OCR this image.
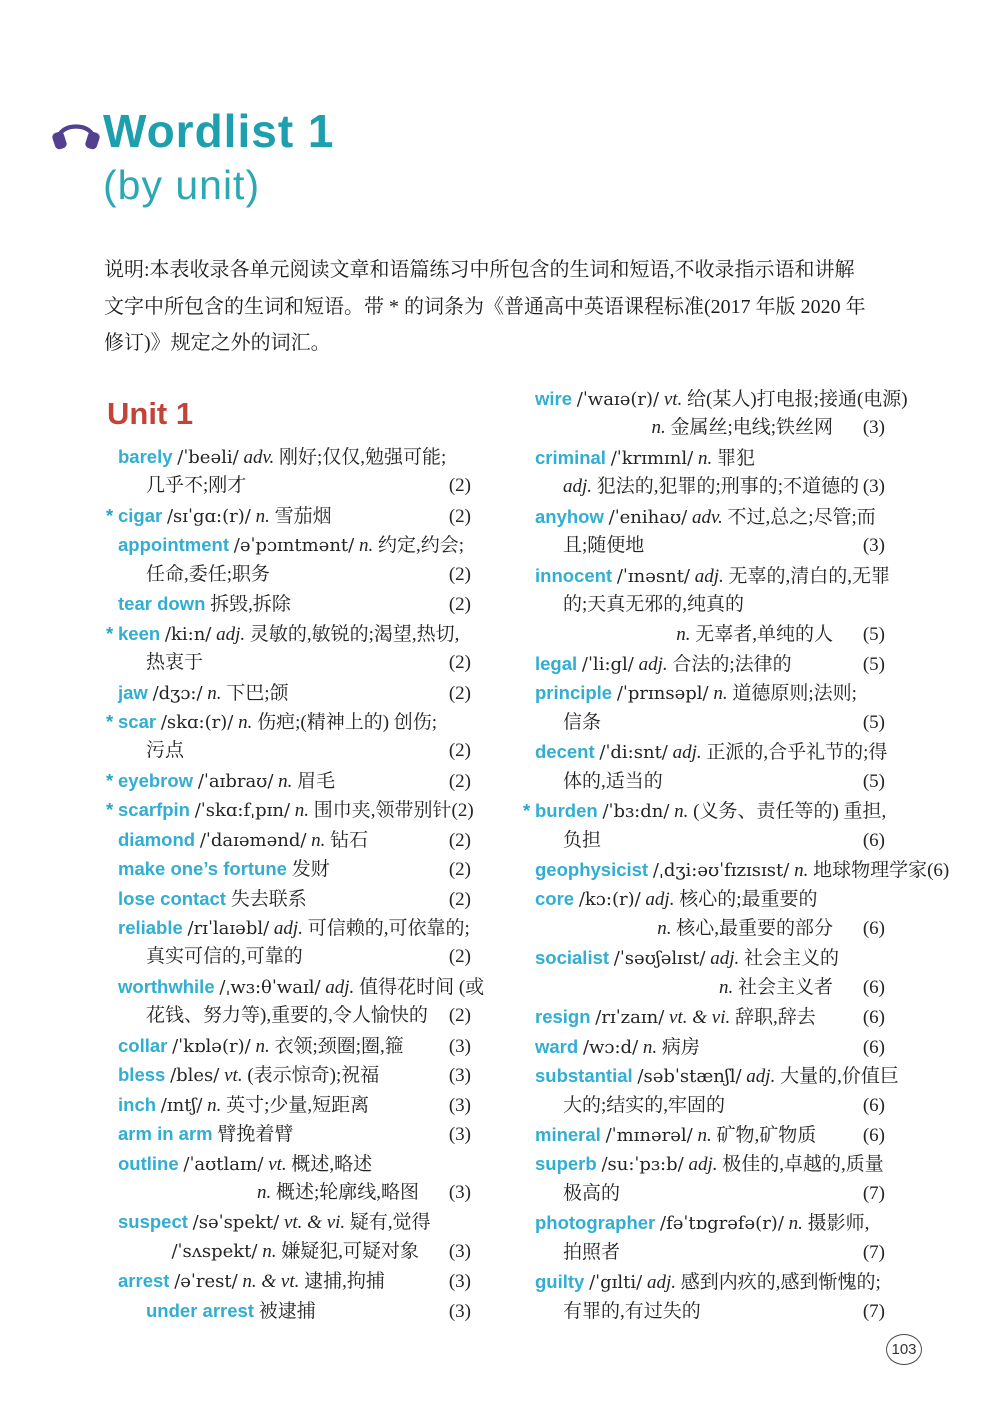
Wordlist 1
(by unit)
说明:本表收录各单元阅读文章和语篇练习中所包含的生词和短语,不收录指示语和讲解
文字中所包含的生词和短语。带 * 的词条为《普通高中英语课程标准(2017 年版 2020 年
修订)》规定之外的词汇。
Unit 1
barely /ˈbeəli/ adv. 刚好;仅仅,勉强可能;
几乎不;刚才	(2)
* cigar /sɪˈgɑ:(r)/ n. 雪茄烟	(2)
appointment /əˈpɔɪntmənt/ n. 约定,约会;
任命,委任;职务	(2)
tear down 拆毁,拆除	(2)
* keen /ki:n/ adj. 灵敏的,敏锐的;渴望,热切,
热衷于	(2)
jaw /dʒɔ:/ n. 下巴;颌	(2)
* scar /skɑ:(r)/ n. 伤疤;(精神上的) 创伤;
污点	(2)
* eyebrow /ˈaɪbraʊ/ n. 眉毛	(2)
* scarfpin /ˈskɑ:fˌpɪn/ n. 围巾夹,领带别针 (2)
diamond /ˈdaɪəmənd/ n. 钻石	(2)
make one’s fortune 发财	(2)
lose contact 失去联系	(2)
reliable /rɪˈlaɪəbl/ adj. 可信赖的,可依靠的;
真实可信的,可靠的	(2)
worthwhile /ˌwɜ:θˈwaɪl/ adj. 值得花时间 (或
花钱、努力等),重要的,令人愉快的 (2)
collar /ˈkɒlə(r)/ n. 衣领;颈圈;圈,箍 (3)
bless /bles/ vt. (表示惊奇);祝福	(3)
inch /ɪntʃ/ n. 英寸;少量,短距离	(3)
arm in arm 臂挽着臂	(3)
outline /ˈaʊtlaɪn/ vt. 概述,略述
n. 概述;轮廓线,略图	(3)
suspect /səˈspekt/ vt. & vi. 疑有,觉得
/ˈsʌspekt/ n. 嫌疑犯,可疑对象	(3)
arrest /əˈrest/ n. & vt. 逮捕,拘捕	(3)
under arrest 被逮捕	(3)
wire /ˈwaɪə(r)/ vt. 给(某人)打电报;接通(电源)
n. 金属丝;电线;铁丝网	(3)
criminal /ˈkrɪmɪnl/ n. 罪犯
adj. 犯法的,犯罪的;刑事的;不道德的 (3)
anyhow /ˈenihaʊ/ adv. 不过,总之;尽管;而
且;随便地	(3)
innocent /ˈɪnəsnt/ adj. 无辜的,清白的,无罪
的;天真无邪的,纯真的
n. 无辜者,单纯的人	(5)
legal /ˈli:gl/ adj. 合法的;法律的	(5)
principle /ˈprɪnsəpl/ n. 道德原则;法则;
信条	(5)
decent /ˈdi:snt/ adj. 正派的,合乎礼节的;得
体的,适当的	(5)
* burden /ˈbɜ:dn/ n. (义务、责任等的) 重担,
负担	(6)
geophysicist /ˌdʒi:əʊˈfɪzɪsɪst/ n. 地球物理学家 (6)
core /kɔ:(r)/ adj. 核心的;最重要的
n. 核心,最重要的部分	(6)
socialist /ˈsəʊʃəlɪst/ adj. 社会主义的
n. 社会主义者	(6)
resign /rɪˈzaɪn/ vt. & vi. 辞职,辞去 (6)
ward /wɔ:d/ n. 病房	(6)
substantial /səbˈstænʃl/ adj. 大量的,价值巨
大的;结实的,牢固的	(6)
mineral /ˈmɪnərəl/ n. 矿物,矿物质 (6)
superb /su:ˈpɜ:b/ adj. 极佳的,卓越的,质量
极高的	(7)
photographer /fəˈtɒgrəfə(r)/ n. 摄影师,
拍照者	(7)
guilty /ˈgɪlti/ adj. 感到内疚的,感到惭愧的;
有罪的,有过失的	(7)
103
